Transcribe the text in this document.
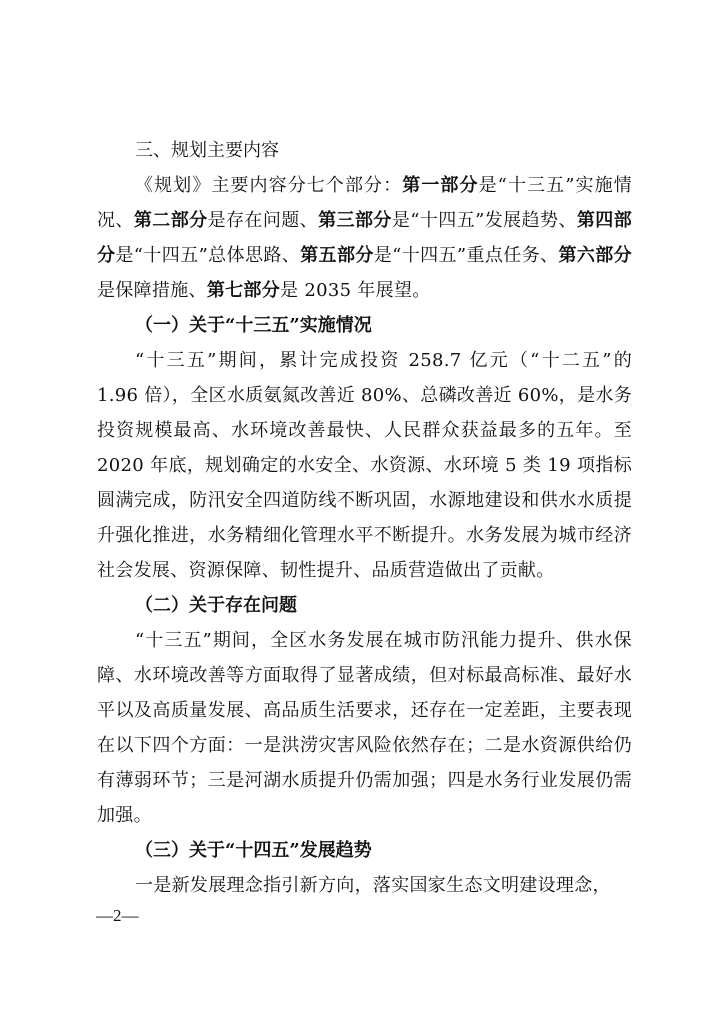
三、规划主要内容

《规划》主要内容分七个部分：第一部分是“十三五”实施情况、第二部分是存在问题、第三部分是“十四五”发展趋势、第四部分是“十四五”总体思路、第五部分是“十四五”重点任务、第六部分是保障措施、第七部分是 2035 年展望。

（一）关于“十三五”实施情况

“十三五”期间，累计完成投资 258.7 亿元（“十二五”的 1.96 倍），全区水质氨氮改善近 80%、总磷改善近 60%，是水务投资规模最高、水环境改善最快、人民群众获益最多的五年。至 2020 年底，规划确定的水安全、水资源、水环境 5 类 19 项指标圆满完成，防汛安全四道防线不断巩固，水源地建设和供水水质提升强化推进，水务精细化管理水平不断提升。水务发展为城市经济社会发展、资源保障、韧性提升、品质营造做出了贡献。

（二）关于存在问题

“十三五”期间，全区水务发展在城市防汛能力提升、供水保障、水环境改善等方面取得了显著成绩，但对标最高标准、最好水平以及高质量发展、高品质生活要求，还存在一定差距，主要表现在以下四个方面：一是洪涝灾害风险依然存在；二是水资源供给仍有薄弱环节；三是河湖水质提升仍需加强；四是水务行业发展仍需加强。

（三）关于“十四五”发展趋势

一是新发展理念指引新方向，落实国家生态文明建设理念，

—2—
